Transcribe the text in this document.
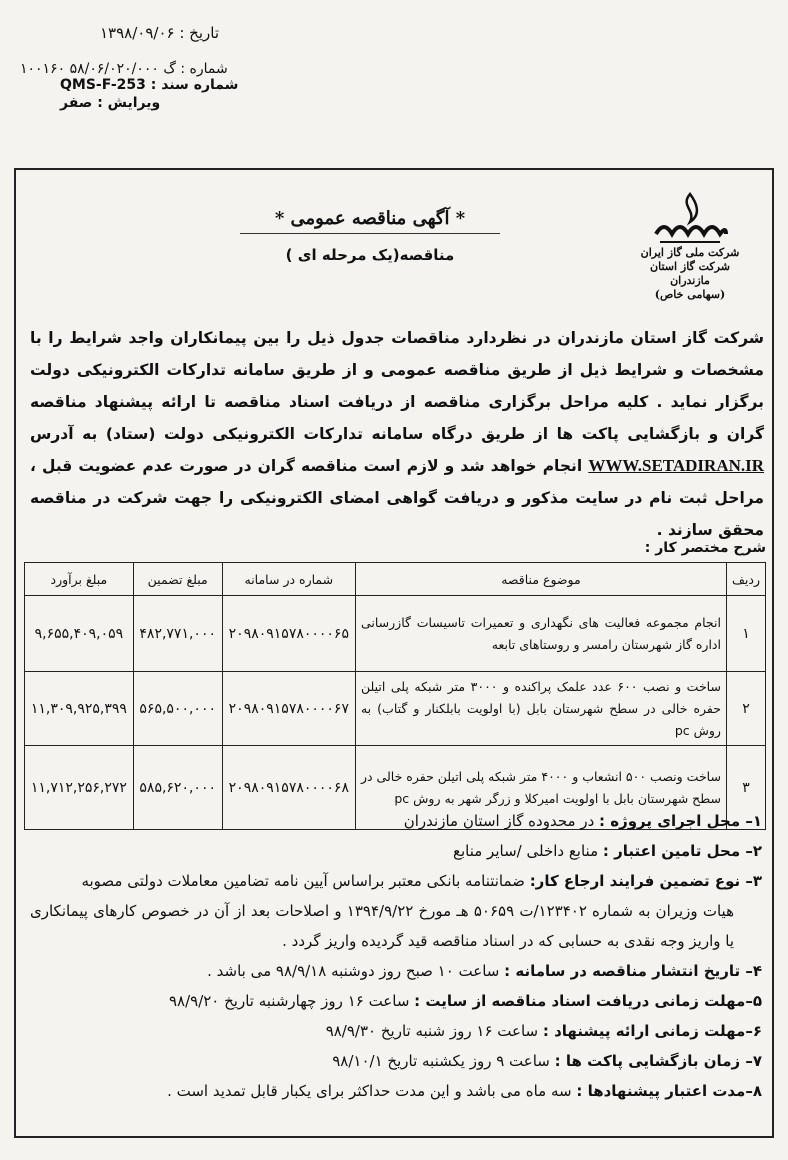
تاریخ : ۱۳۹۸/۰۹/۰۶
شماره : گ ۵۸/۰۶/۰۲۰/۰۰۰ ۱۰۰۱۶۰
شماره سند : QMS-F-253
ویرایش : صفر
شرکت ملی گاز ایران
شرکت گاز استان مازندران
(سهامی خاص)
* آگهی مناقصه عمومی *
مناقصه(یک مرحله ای )
شرکت گاز استان مازندران در نظردارد مناقصات جدول ذیل را بین پیمانکاران واجد شرایط را با مشخصات و شرایط ذیل از طریق مناقصه عمومی و از طریق سامانه تدارکات الکترونیکی دولت برگزار نماید . کلیه مراحل برگزاری مناقصه از دریافت اسناد مناقصه تا ارائه پیشنهاد مناقصه گران و بازگشایی پاکت ها از طریق درگاه سامانه تدارکات الکترونیکی دولت (ستاد) به آدرس WWW.SETADIRAN.IR انجام خواهد شد و لازم است مناقصه گران در صورت عدم عضویت قبل ، مراحل ثبت نام در سایت مذکور و دریافت گواهی امضای الکترونیکی را جهت شرکت در مناقصه محقق سازند .
شرح مختصر کار :
ردیف	موضوع مناقصه	شماره در سامانه	مبلغ تضمین	مبلغ برآورد
۱	انجام مجموعه فعالیت های نگهداری و تعمیرات تاسیسات گازرسانی اداره گاز شهرستان رامسر و روستاهای تابعه	۲۰۹۸۰۹۱۵۷۸۰۰۰۰۶۵	۴۸۲,۷۷۱,۰۰۰	۹,۶۵۵,۴۰۹,۰۵۹
۲	ساخت و نصب ۶۰۰ عدد علمک پراکنده و ۳۰۰۰ متر شبکه پلی اتیلن حفره خالی در سطح شهرستان بابل (با اولویت بابلکنار و گتاب) به روش pc	۲۰۹۸۰۹۱۵۷۸۰۰۰۰۶۷	۵۶۵,۵۰۰,۰۰۰	۱۱,۳۰۹,۹۲۵,۳۹۹
۳	ساخت ونصب ۵۰۰ انشعاب و ۴۰۰۰ متر شبکه پلی اتیلن حفره خالی در سطح شهرستان بابل با اولویت امیرکلا و زرگر شهر به روش pc	۲۰۹۸۰۹۱۵۷۸۰۰۰۰۶۸	۵۸۵,۶۲۰,۰۰۰	۱۱,۷۱۲,۲۵۶,۲۷۲

۱– محل اجرای پروژه : در محدوده گاز استان مازندران

۲– محل تامین اعتبار : منابع داخلی /سایر منابع

۳– نوع تضمین فرایند ارجاع کار: ضمانتنامه بانکی معتبر براساس آیین نامه تضامین معاملات دولتی مصوبه

هیات وزیران به شماره ۱۲۳۴۰۲/ت ۵۰۶۵۹ هـ مورخ ۱۳۹۴/۹/۲۲ و اصلاحات بعد از آن در خصوص کارهای پیمانکاری یا واریز وجه نقدی به حسابی که در اسناد مناقصه قید گردیده واریز گردد .

۴– تاریخ انتشار مناقصه در سامانه : ساعت ۱۰ صبح روز دوشنبه ۹۸/۹/۱۸ می باشد .

۵–مهلت زمانی دریافت اسناد مناقصه از سایت : ساعت ۱۶ روز چهارشنبه تاریخ ۹۸/۹/۲۰

۶–مهلت زمانی ارائه پیشنهاد : ساعت ۱۶ روز شنبه تاریخ ۹۸/۹/۳۰

۷– زمان بازگشایی پاکت ها : ساعت ۹ روز یکشنبه تاریخ ۹۸/۱۰/۱

۸–مدت اعتبار پیشنهادها : سه ماه می باشد و این مدت حداکثر برای یکبار قابل تمدید است .
